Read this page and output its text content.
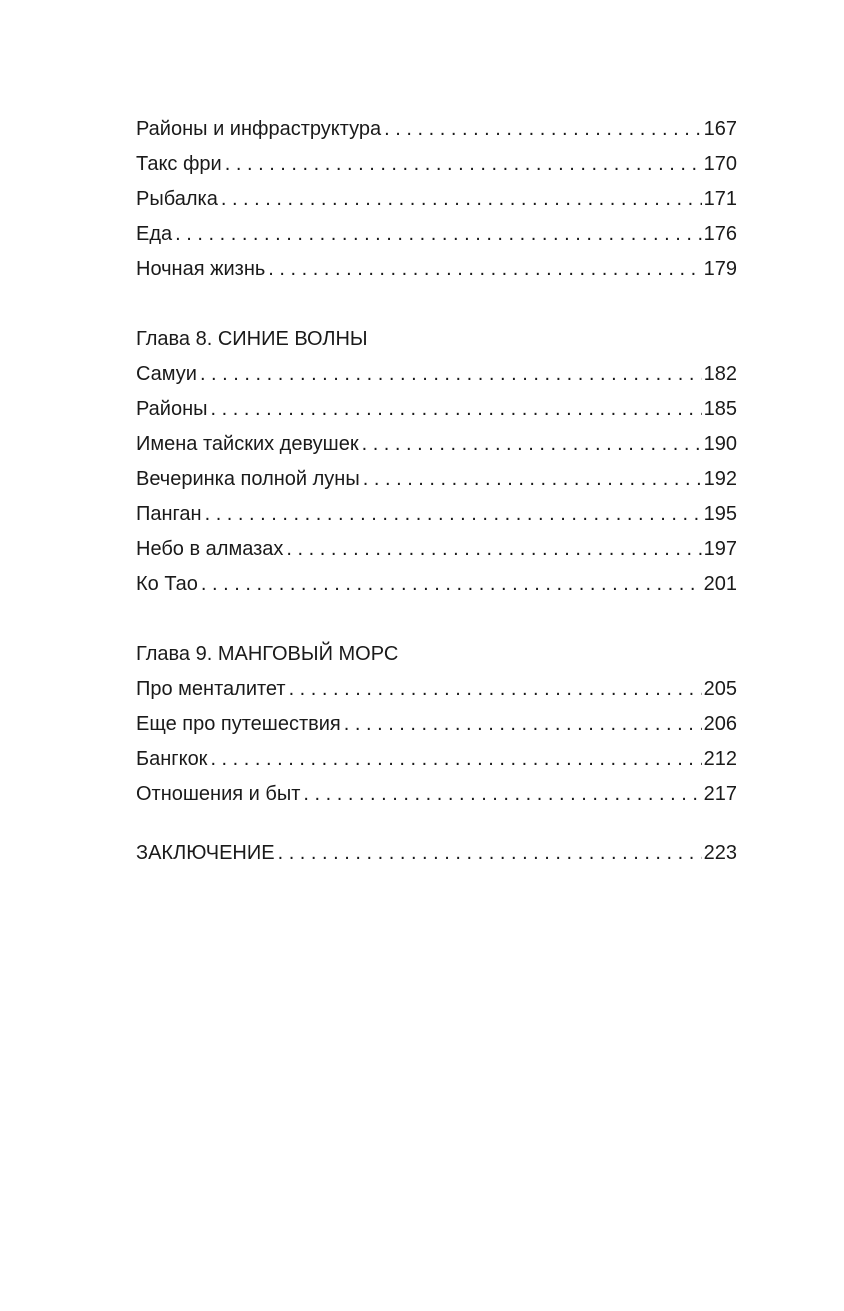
Районы и инфраструктура . . .	167
Такс фри . . .	170
Рыбалка . . .	171
Еда . . .	176
Ночная жизнь . . .	179
Глава 8. СИНИЕ ВОЛНЫ
Самуи . . .	182
Районы . . .	185
Имена тайских девушек . . .	190
Вечеринка полной луны . . .	192
Панган . . .	195
Небо в алмазах . . .	197
Ко Тао . . .	201
Глава 9. МАНГОВЫЙ МОРС
Про менталитет . . .	205
Еще про путешествия . . .	206
Бангкок . . .	212
Отношения и быт . . .	217
ЗАКЛЮЧЕНИЕ . . .	223
